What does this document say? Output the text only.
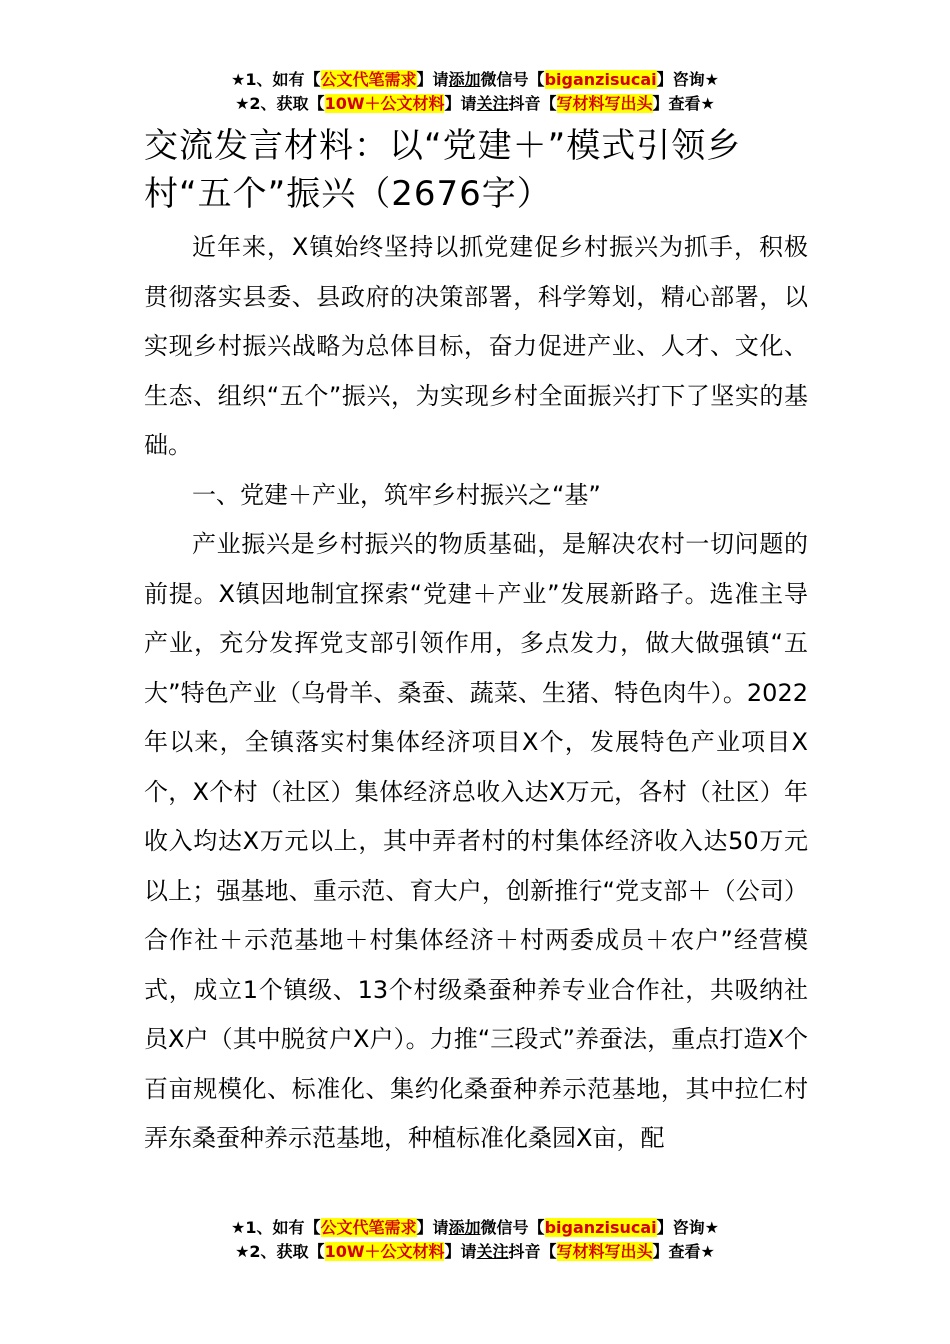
★1、如有【公文代笔需求】请添加微信号【biganzisucai】咨询★
★2、获取【10W＋公文材料】请关注抖音【写材料写出头】查看★
交流发言材料：以“党建＋”模式引领乡村“五个”振兴（2676字）

近年来，X镇始终坚持以抓党建促乡村振兴为抓手，积极贯彻落实县委、县政府的决策部署，科学筹划，精心部署，以实现乡村振兴战略为总体目标，奋力促进产业、人才、文化、生态、组织“五个”振兴，为实现乡村全面振兴打下了坚实的基础。

一、党建＋产业，筑牢乡村振兴之“基”

产业振兴是乡村振兴的物质基础，是解决农村一切问题的前提。X镇因地制宜探索“党建＋产业”发展新路子。选准主导产业，充分发挥党支部引领作用，多点发力，做大做强镇“五大”特色产业（乌骨羊、桑蚕、蔬菜、生猪、特色肉牛）。2022年以来，全镇落实村集体经济项目X个，发展特色产业项目X个，X个村（社区）集体经济总收入达X万元，各村（社区）年收入均达X万元以上，其中弄者村的村集体经济收入达50万元以上；强基地、重示范、育大户，创新推行“党支部＋（公司）合作社＋示范基地＋村集体经济＋村两委成员＋农户”经营模式，成立1个镇级、13个村级桑蚕种养专业合作社，共吸纳社员X户（其中脱贫户X户）。力推“三段式”养蚕法，重点打造X个百亩规模化、标准化、集约化桑蚕种养示范基地，其中拉仁村弄东桑蚕种养示范基地，种植标准化桑园X亩，配

★1、如有【公文代笔需求】请添加微信号【biganzisucai】咨询★
★2、获取【10W＋公文材料】请关注抖音【写材料写出头】查看★
